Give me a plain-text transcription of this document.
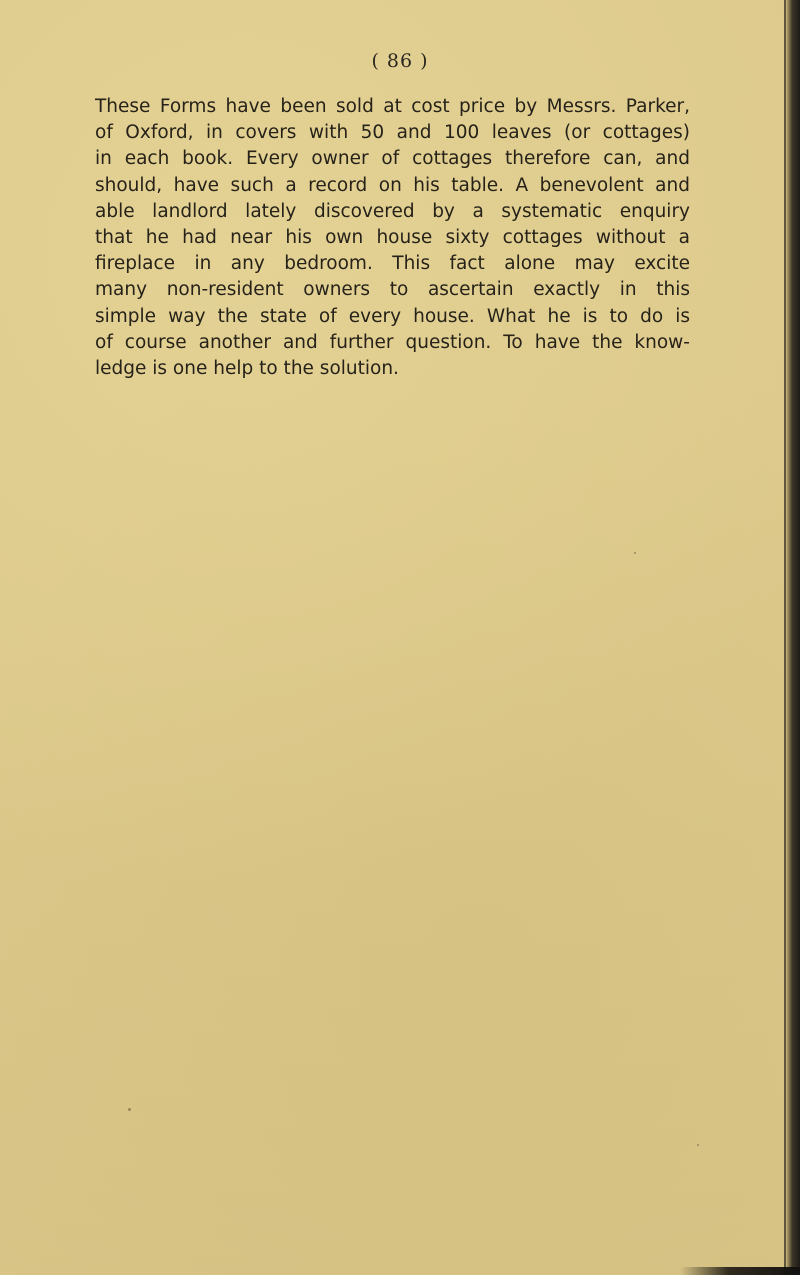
( 86 )

These Forms have been sold at cost price by Messrs. Parker,
of Oxford, in covers with 50 and 100 leaves (or cottages)
in each book. Every owner of cottages therefore can, and
should, have such a record on his table. A benevolent and
able landlord lately discovered by a systematic enquiry
that he had near his own house sixty cottages without a
fireplace in any bedroom. This fact alone may excite
many non-resident owners to ascertain exactly in this
simple way the state of every house. What he is to do is
of course another and further question. To have the know-
ledge is one help to the solution.
